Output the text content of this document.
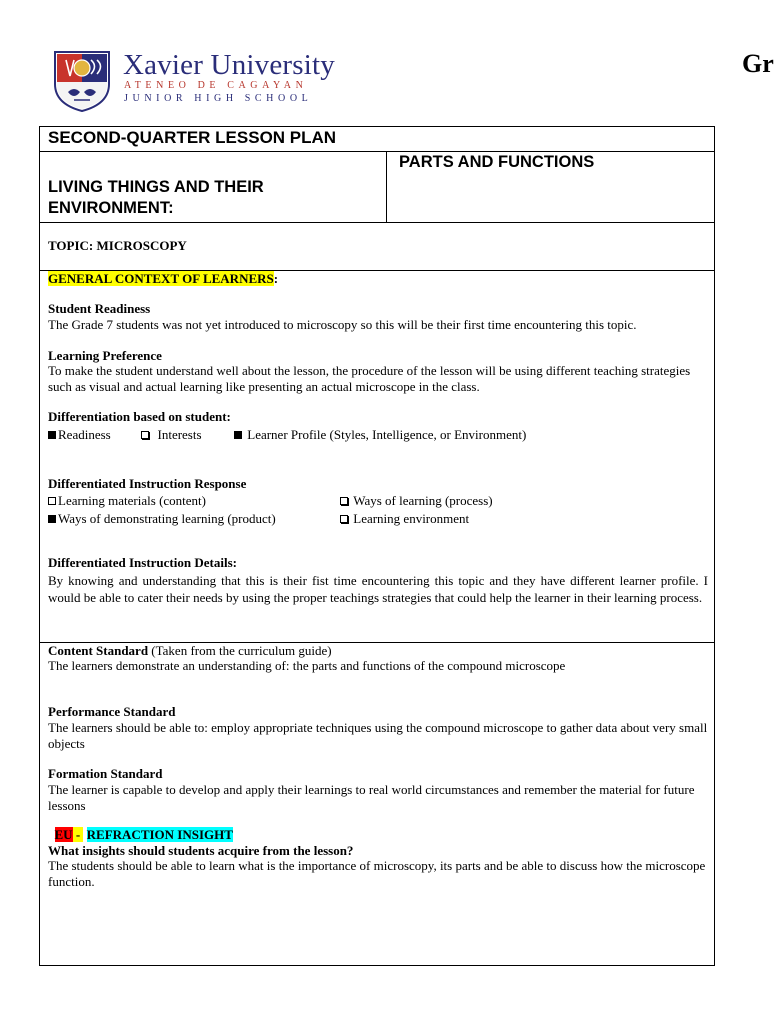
Xavier University
ATENEO DE CAGAYAN
JUNIOR HIGH SCHOOL
Gr
SECOND-QUARTER LESSON PLAN
LIVING THINGS AND THEIR ENVIRONMENT:
PARTS AND FUNCTIONS
TOPIC: MICROSCOPY
GENERAL CONTEXT OF LEARNERS:
Student Readiness
The Grade 7 students was not yet introduced to microscopy so this will be their first time encountering this topic.
Learning Preference
To make the student understand well about the lesson, the procedure of the lesson will be using different teaching strategies such as visual and actual learning like presenting an actual microscope in the class.
Differentiation based on student:
Readiness	Interests	Learner Profile (Styles, Intelligence, or Environment)
Differentiated Instruction Response
Learning materials (content)	Ways of learning (process)
Ways of demonstrating learning (product)	Learning environment
Differentiated Instruction Details:
By knowing and understanding that this is their fist time encountering this topic and they have different learner profile. I would be able to cater their needs by using the proper teachings strategies that could help the learner in their learning process.
Content Standard (Taken from the curriculum guide)
The learners demonstrate an understanding of: the parts and functions of the compound microscope
Performance Standard
The learners should be able to: employ appropriate techniques using the compound microscope to gather data about very small objects
Formation Standard
The learner is capable to develop and apply their learnings to real world circumstances and remember the material for future lessons
EU -  REFRACTION INSIGHT
What insights should students acquire from the lesson?
The students should be able to learn what is the importance of microscopy, its parts and be able to discuss how the microscope function.
